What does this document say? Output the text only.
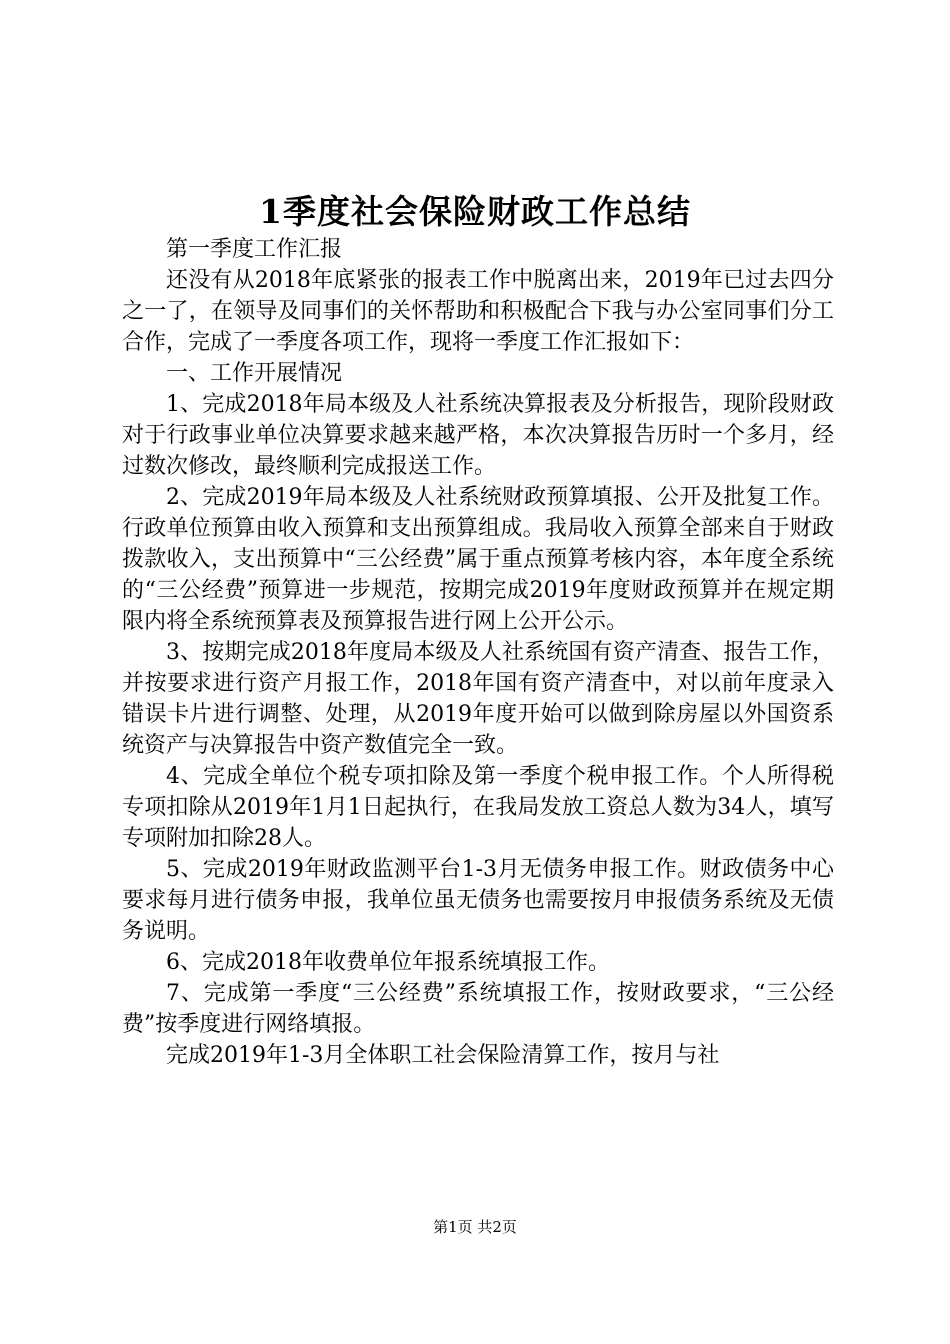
1季度社会保险财政工作总结

第一季度工作汇报

还没有从2018年底紧张的报表工作中脱离出来，2019年已过去四分之一了，在领导及同事们的关怀帮助和积极配合下我与办公室同事们分工合作，完成了一季度各项工作，现将一季度工作汇报如下：

一、工作开展情况

1、完成2018年局本级及人社系统决算报表及分析报告，现阶段财政对于行政事业单位决算要求越来越严格，本次决算报告历时一个多月，经过数次修改，最终顺利完成报送工作。

2、完成2019年局本级及人社系统财政预算填报、公开及批复工作。行政单位预算由收入预算和支出预算组成。我局收入预算全部来自于财政拨款收入，支出预算中“三公经费”属于重点预算考核内容，本年度全系统的“三公经费”预算进一步规范，按期完成2019年度财政预算并在规定期限内将全系统预算表及预算报告进行网上公开公示。

3、按期完成2018年度局本级及人社系统国有资产清查、报告工作，并按要求进行资产月报工作，2018年国有资产清查中，对以前年度录入错误卡片进行调整、处理，从2019年度开始可以做到除房屋以外国资系统资产与决算报告中资产数值完全一致。

4、完成全单位个税专项扣除及第一季度个税申报工作。个人所得税专项扣除从2019年1月1日起执行，在我局发放工资总人数为34人，填写专项附加扣除28人。

5、完成2019年财政监测平台1-3月无债务申报工作。财政债务中心要求每月进行债务申报，我单位虽无债务也需要按月申报债务系统及无债务说明。

6、完成2018年收费单位年报系统填报工作。

7、完成第一季度“三公经费”系统填报工作，按财政要求，“三公经费”按季度进行网络填报。

完成2019年1-3月全体职工社会保险清算工作，按月与社

第1页 共2页
